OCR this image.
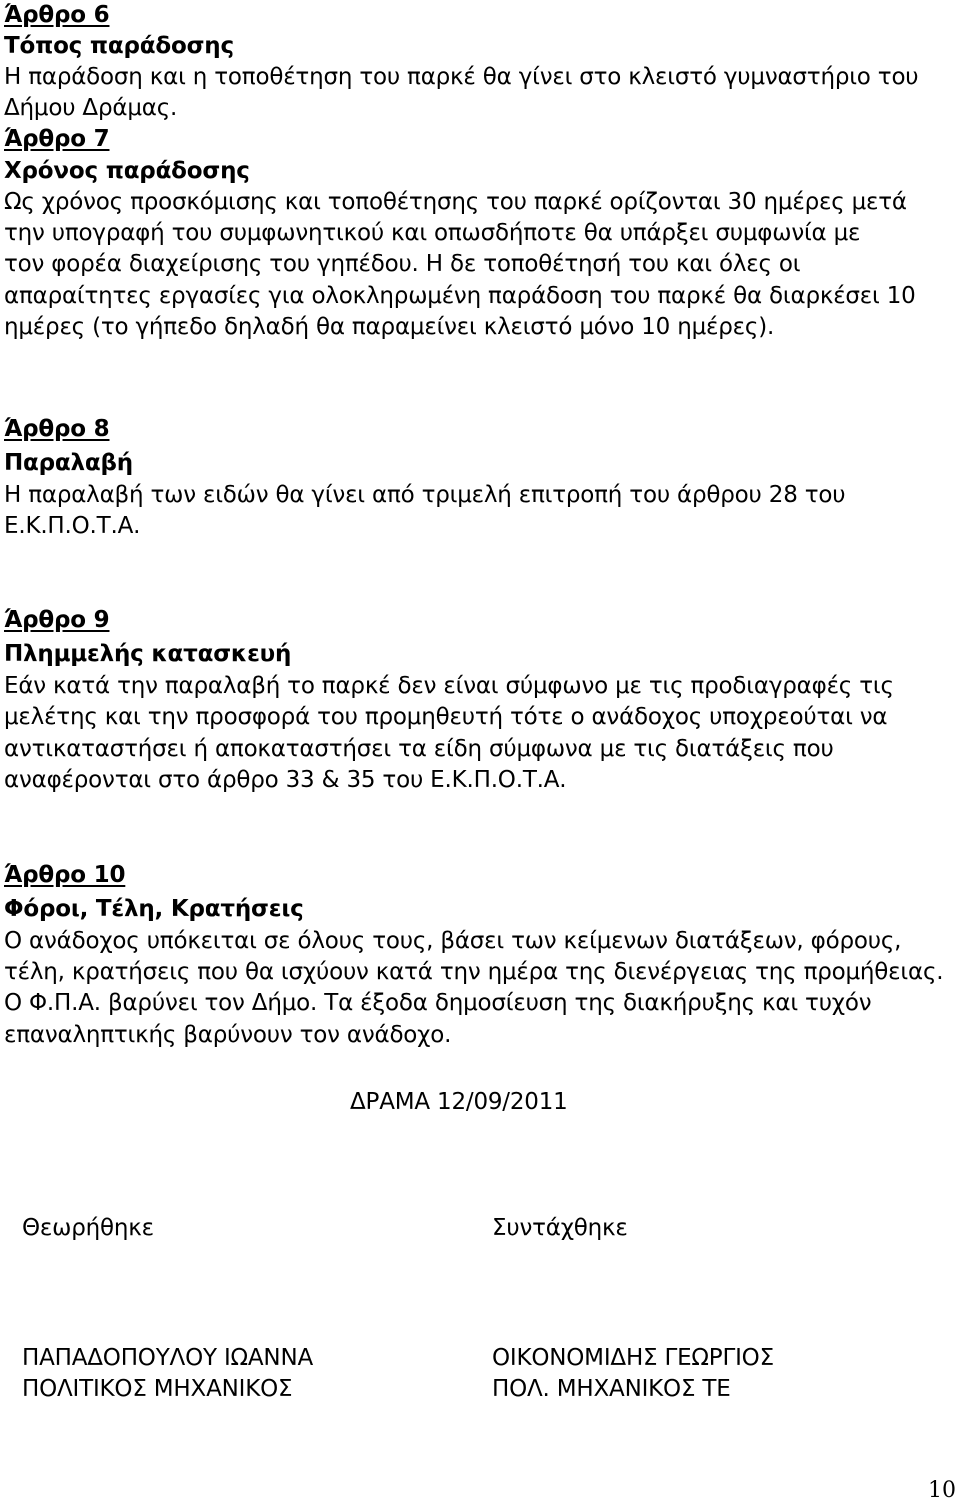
Άρθρο 6
Τόπος παράδοσης
Η παράδοση και η τοποθέτηση του παρκέ θα γίνει στο κλειστό γυμναστήριο του
Δήμου Δράμας.
Άρθρο 7
Χρόνος παράδοσης
Ως χρόνος προσκόμισης και τοποθέτησης του παρκέ ορίζονται 30 ημέρες μετά
την υπογραφή του συμφωνητικού και οπωσδήποτε θα υπάρξει συμφωνία με
τον φορέα διαχείρισης του γηπέδου. Η δε τοποθέτησή του και όλες οι
απαραίτητες εργασίες για ολοκληρωμένη παράδοση του παρκέ θα διαρκέσει 10
ημέρες (το γήπεδο δηλαδή θα παραμείνει κλειστό μόνο 10 ημέρες).
Άρθρο 8
Παραλαβή
Η παραλαβή των ειδών θα γίνει από τριμελή επιτροπή του άρθρου 28 του
Ε.Κ.Π.Ο.Τ.Α.
Άρθρο 9
Πλημμελής κατασκευή
Εάν κατά την παραλαβή το παρκέ δεν είναι σύμφωνο με τις προδιαγραφές τις
μελέτης και την προσφορά του προμηθευτή τότε ο ανάδοχος υποχρεούται να
αντικαταστήσει ή αποκαταστήσει τα είδη σύμφωνα με τις διατάξεις που
αναφέρονται στο άρθρο 33 & 35 του Ε.Κ.Π.Ο.Τ.Α.
Άρθρο 10
Φόροι, Τέλη, Κρατήσεις
Ο ανάδοχος υπόκειται σε όλους τους, βάσει των κείμενων διατάξεων, φόρους,
τέλη, κρατήσεις που θα ισχύουν κατά την ημέρα της διενέργειας της προμήθειας.
Ο Φ.Π.Α. βαρύνει τον Δήμο. Τα έξοδα δημοσίευση της διακήρυξης και τυχόν
επαναληπτικής βαρύνουν τον ανάδοχο.
ΔΡΑΜΑ 12/09/2011
Θεωρήθηκε	Συντάχθηκε
ΠΑΠΑΔΟΠΟΥΛΟΥ ΙΩΑΝΝΑ
ΠΟΛΙΤΙΚΟΣ ΜΗΧΑΝΙΚΟΣ
ΟΙΚΟΝΟΜΙΔΗΣ ΓΕΩΡΓΙΟΣ
ΠΟΛ. ΜΗΧΑΝΙΚΟΣ ΤΕ
10
